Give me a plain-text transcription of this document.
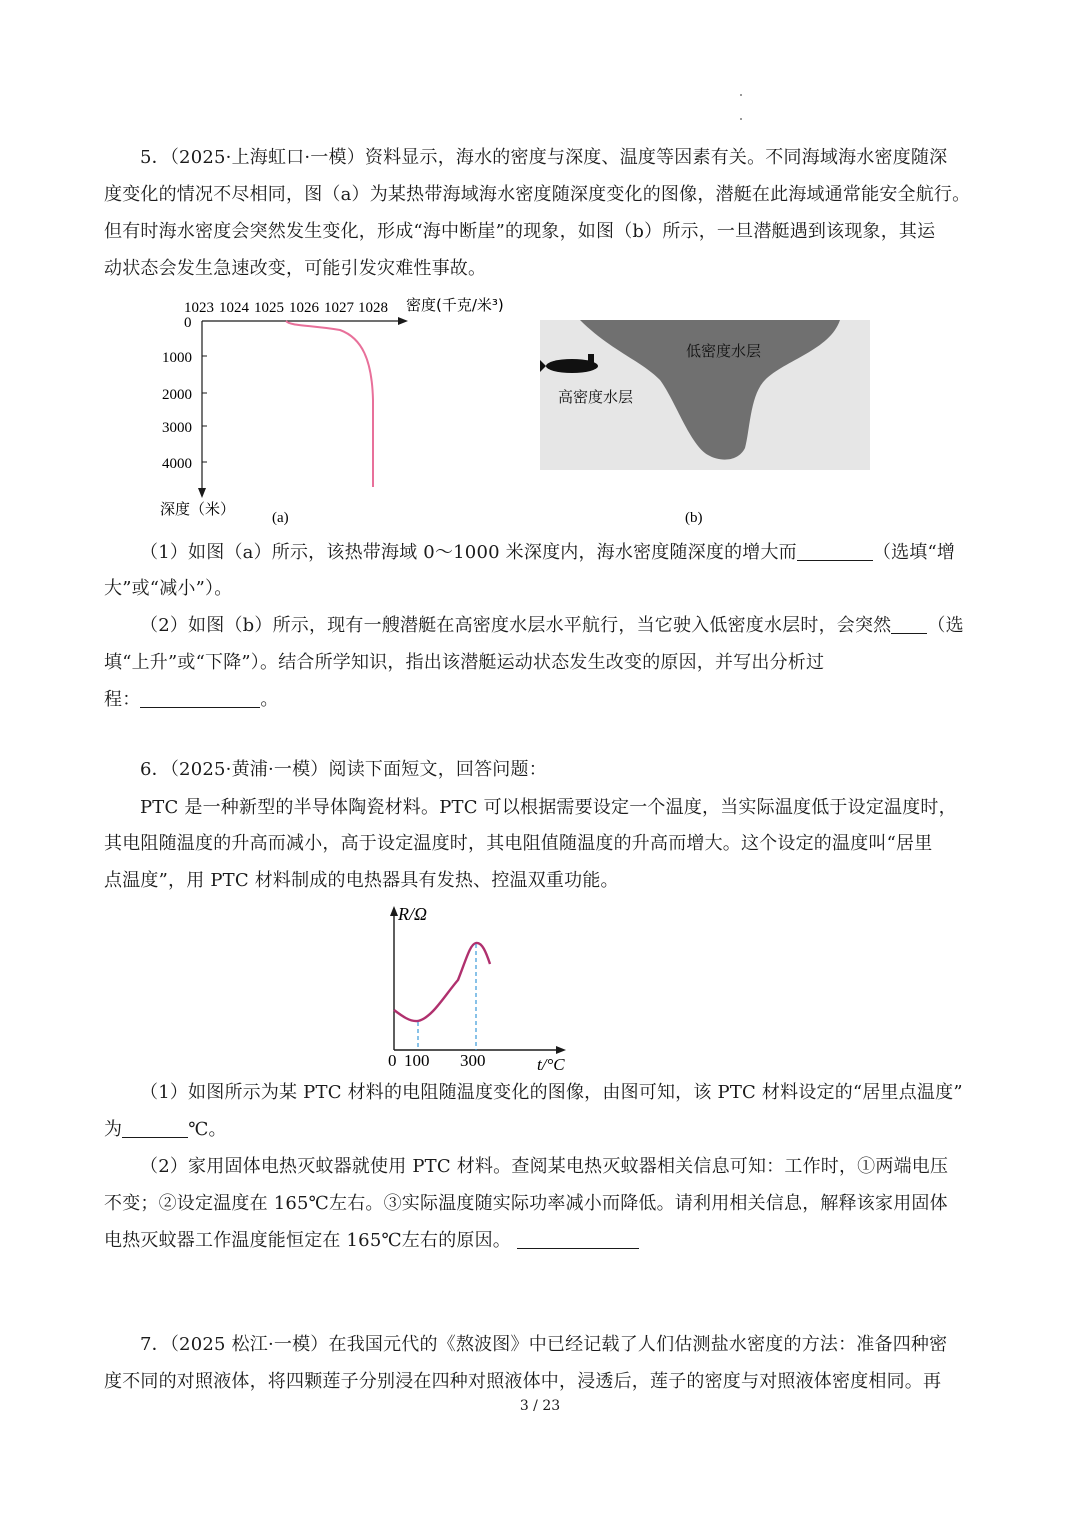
5．（2025·上海虹口·一模）资料显示，海水的密度与深度、温度等因素有关。不同海域海水密度随深
度变化的情况不尽相同，图（a）为某热带海域海水密度随深度变化的图像，潜艇在此海域通常能安全航行。
但有时海水密度会突然发生变化，形成“海中断崖”的现象，如图（b）所示，一旦潜艇遇到该现象，其运
动状态会发生急速改变，可能引发灾难性事故。
1023 1024 1025 1026 1027 1028 密度(千克/米³)
0
1000
2000
3000
4000
深度（米） (a)
低密度水层
高密度水层
(b)
（1）如图（a）所示，该热带海域 0～1000 米深度内，海水密度随深度的增大而	（选填“增
大”或“减小”）。
（2）如图（b）所示，现有一艘潜艇在高密度水层水平航行，当它驶入低密度水层时，会突然 （选
填“上升”或“下降”）。结合所学知识，指出该潜艇运动状态发生改变的原因，并写出分析过
程：	。
6．（2025·黄浦·一模）阅读下面短文，回答问题：
PTC 是一种新型的半导体陶瓷材料。PTC 可以根据需要设定一个温度，当实际温度低于设定温度时，
其电阻随温度的升高而减小，高于设定温度时，其电阻值随温度的升高而增大。这个设定的温度叫“居里
点温度”，用 PTC 材料制成的电热器具有发热、控温双重功能。
R/Ω
0 100 300	t/°C
（1）如图所示为某 PTC 材料的电阻随温度变化的图像，由图可知，该 PTC 材料设定的“居里点温度”
为	℃。
（2）家用固体电热灭蚊器就使用 PTC 材料。查阅某电热灭蚊器相关信息可知：工作时，①两端电压
不变；②设定温度在 165℃左右。③实际温度随实际功率减小而降低。请利用相关信息，解释该家用固体
电热灭蚊器工作温度能恒定在 165℃左右的原因。
7．（2025 松江·一模）在我国元代的《熬波图》中已经记载了人们估测盐水密度的方法：准备四种密
度不同的对照液体，将四颗莲子分别浸在四种对照液体中，浸透后，莲子的密度与对照液体密度相同。再
3 / 23
